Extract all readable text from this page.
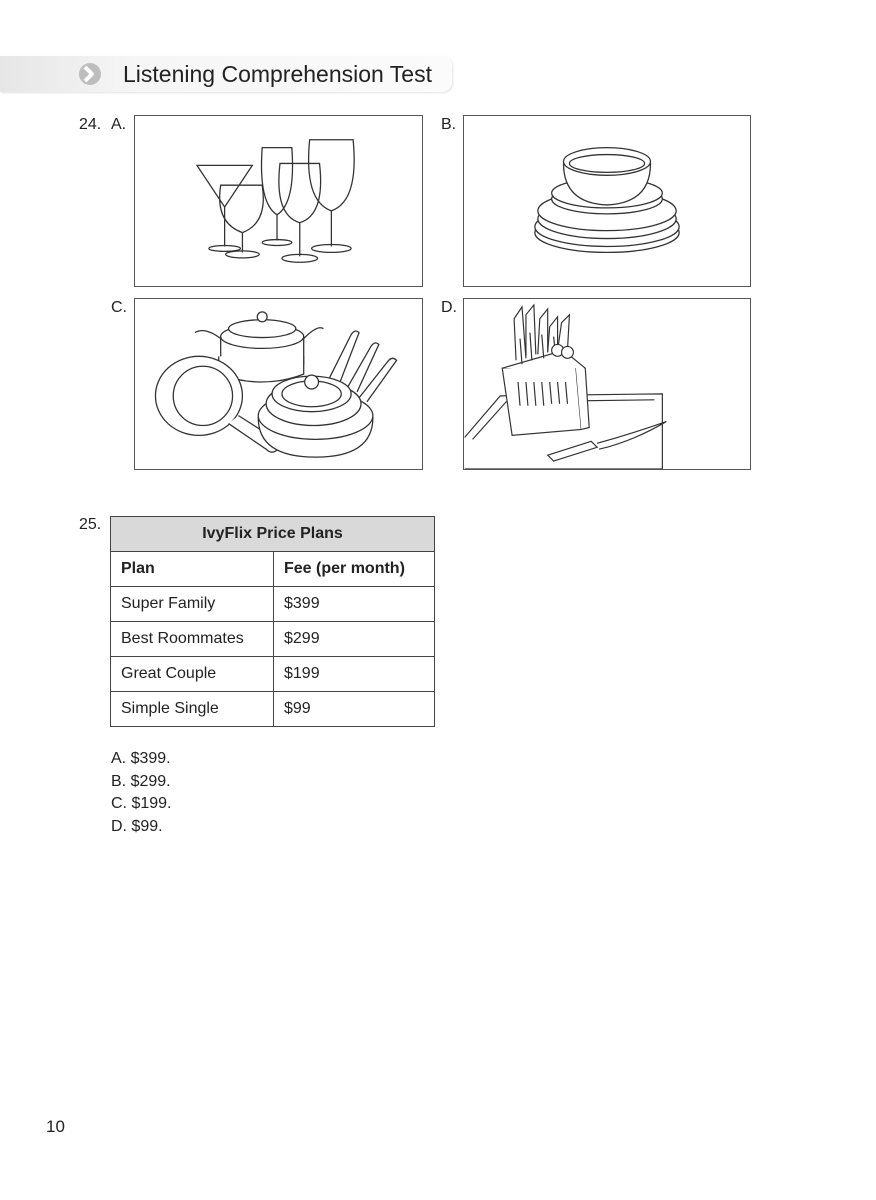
Listening Comprehension Test
24. A.	B.
C.	D.
25.
IvyFlix Price Plans	
Plan	Fee (per month)
Super Family	$399
Best Roommates	$299
Great Couple	$199
Simple Single	$99
A. $399.
B. $299.
C. $199.
D. $99.
10
